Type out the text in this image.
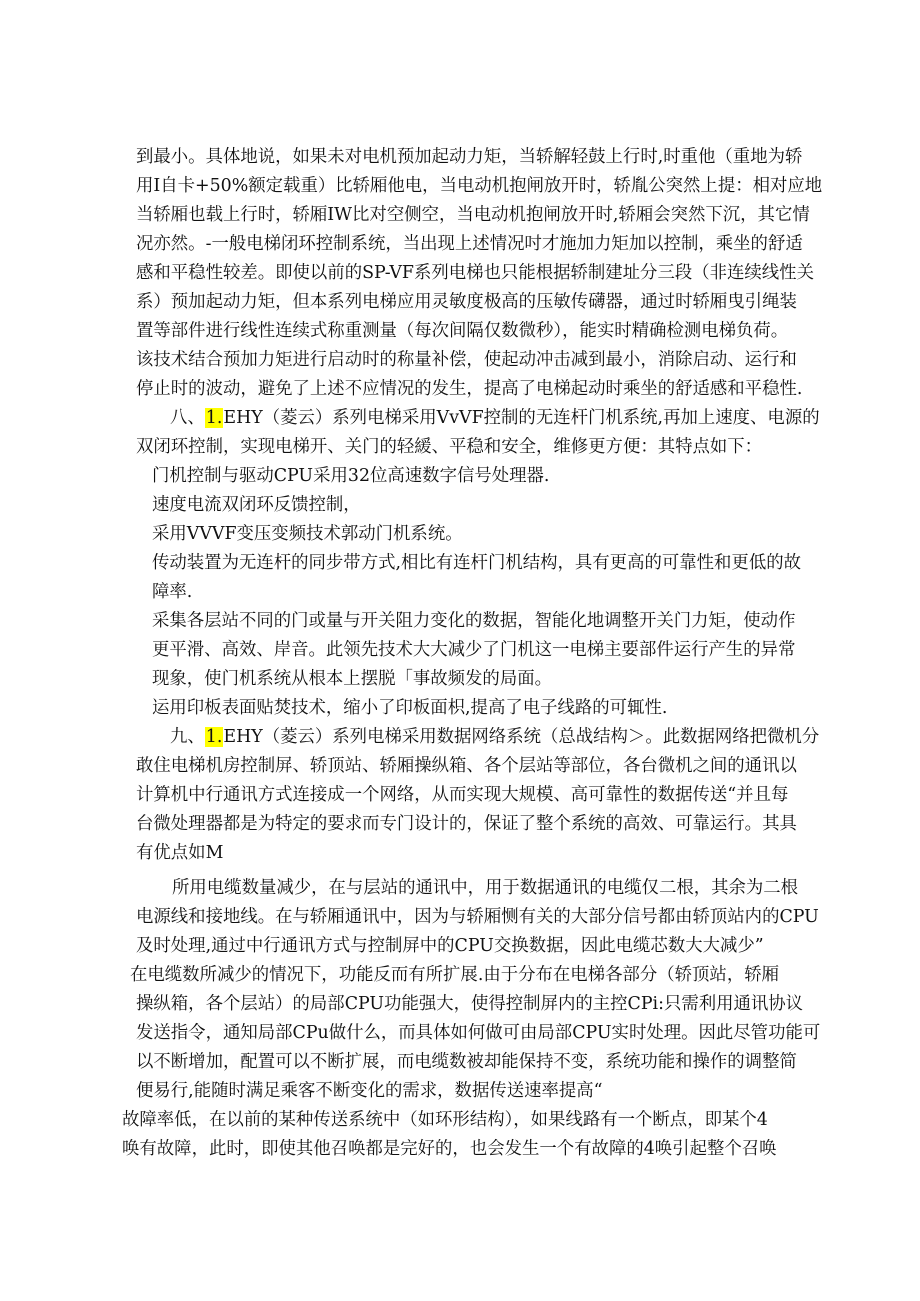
到最小。具体地说，如果未对电机预加起动力矩，当轿解轻鼓上行时,时重他（重地为轿
用I自卡+50%额定载重）比轿厢他电，当电动机抱闸放开时，轿胤公突然上提：相对应地
当轿厢也载上行时，轿厢IW比对空侧空，当电动机抱闸放开时,轿厢会突然下沉，其它情
况亦然。-一般电梯闭环控制系统，当出现上述情况吋才施加力矩加以控制，乘坐的舒适
感和平稳性较差。即使以前的SP-VF系列电梯也只能根据轿制建址分三段（非连续线性关
系）预加起动力矩，但本系列电梯应用灵敏度极高的压敏传礴器，通过时轿厢曳引绳装
置等部件进行线性连续式称重测量（每次间隔仅数微秒），能实时精确检测电梯负荷。
该技术结合预加力矩进行启动时的称量补偿，使起动冲击减到最小，消除启动、运行和
停止时的波动，避免了上述不应情况的发生，提高了电梯起动时乘坐的舒适感和平稳性.
八、1.EHY（菱云）系列电梯采用VvVF控制的无连杆门机系统,再加上速度、电源的
双闭环控制，实现电梯开、关门的轻緩、平稳和安全，维修更方便：其特点如下：
门机控制与驱动CPU采用32位高速数字信号处理器.
速度电流双闭环反馈控制，
采用VVVF变压变频技术郭动门机系统。
传动装置为无连杆的同步带方式,相比有连杆门机结构，具有更高的可靠性和更低的故
障率.
采集各层站不同的门或量与开关阻力变化的数据，智能化地调整开关门力矩，使动作
更平滑、高效、岸音。此领先技术大大减少了门机这一电梯主要部件运行产生的异常
现象，使门机系统从根本上摆脱「事故频发的局面。
运用印板表面贴焚技术，缩小了印板面枳,提高了电子线路的可辄性.
九、1.EHY（菱云）系列电梯采用数据网络系统（总战结构＞。此数据网络把微机分
敢住电梯机房控制屏、轿顶站、轿厢操纵箱、各个层站等部位，各台微机之间的通讯以
计算机中行通讯方式连接成一个网络，从而实现大规模、高可靠性的数据传送“并且每
台微处理器都是为特定的要求而专门设计的，保证了整个系统的高效、可靠运行。其具
有优点如M
所用电缆数量减少，在与层站的通讯中，用于数据通讯的电缆仅二根，其余为二根
电源线和接地线。在与轿厢通讯中，因为与轿厢恻有关的大部分信号都由轿顶站内的CPU
及时处理,通过中行通讯方式与控制屏中的CPU交换数据，因此电缆芯数大大减少”
在电缆数所减少的情况下，功能反而有所扩展.由于分布在电梯各部分（轿顶站，轿厢
操纵箱，各个层站）的局部CPU功能强大，使得控制屏内的主控CPi:只需利用通讯协议
发送指令，通知局部CPu做什么，而具体如何做可由局部CPU实时处理。因此尽管功能可
以不断增加，配置可以不断扩展，而电缆数被却能保持不变，系统功能和操作的调整简
便易行,能随时满足乘客不断变化的需求，数据传送速率提高“
故障率低，在以前的某种传送系统中（如环形结构），如果线路有一个断点，即某个4
唤有故障，此时，即使其他召唤都是完好的，也会发生一个有故障的4唤引起整个召唤
